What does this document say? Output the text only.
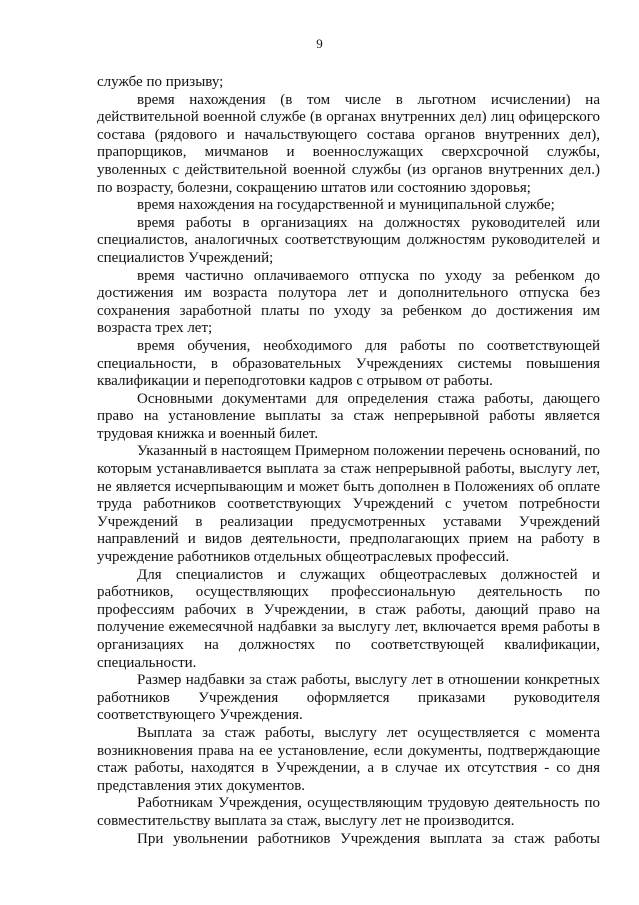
9

службе по призыву;

время нахождения (в том числе в льготном исчислении) на действительной военной службе (в органах внутренних дел) лиц офицерского состава (рядового и начальствующего состава органов внутренних дел), прапорщиков, мичманов и военнослужащих сверхсрочной службы, уволенных с действительной военной службы (из органов внутренних дел.) по возрасту, болезни, сокращению штатов или состоянию здоровья;

время нахождения на государственной и муниципальной службе;

время работы в организациях на должностях руководителей или специалистов, аналогичных соответствующим должностям руководителей и специалистов Учреждений;

время частично оплачиваемого отпуска по уходу за ребенком до достижения им возраста полутора лет и дополнительного отпуска без сохранения заработной платы по уходу за ребенком до достижения им возраста трех лет;

время обучения, необходимого для работы по соответствующей специальности, в образовательных Учреждениях системы повышения квалификации и переподготовки кадров с отрывом от работы.

Основными документами для определения стажа работы, дающего право на установление выплаты за стаж непрерывной работы является трудовая книжка и военный билет.

Указанный в настоящем Примерном положении перечень оснований, по которым устанавливается выплата за стаж непрерывной работы, выслугу лет, не является исчерпывающим и может быть дополнен в Положениях об оплате труда работников соответствующих Учреждений с учетом потребности Учреждений в реализации предусмотренных уставами Учреждений направлений и видов деятельности, предполагающих прием на работу в учреждение работников отдельных общеотраслевых профессий.

Для специалистов и служащих общеотраслевых должностей и работников, осуществляющих профессиональную деятельность по профессиям рабочих в Учреждении, в стаж работы, дающий право на получение ежемесячной надбавки за выслугу лет, включается время работы в организациях на должностях по соответствующей квалификации, специальности.

Размер надбавки за стаж работы, выслугу лет в отношении конкретных работников Учреждения оформляется приказами руководителя соответствующего Учреждения.

Выплата за стаж работы, выслугу лет осуществляется с момента возникновения права на ее установление, если документы, подтверждающие стаж работы, находятся в Учреждении, а в случае их отсутствия - со дня представления этих документов.

Работникам Учреждения, осуществляющим трудовую деятельность по совместительству выплата за стаж, выслугу лет не производится.

При увольнении работников Учреждения выплата за стаж работы
